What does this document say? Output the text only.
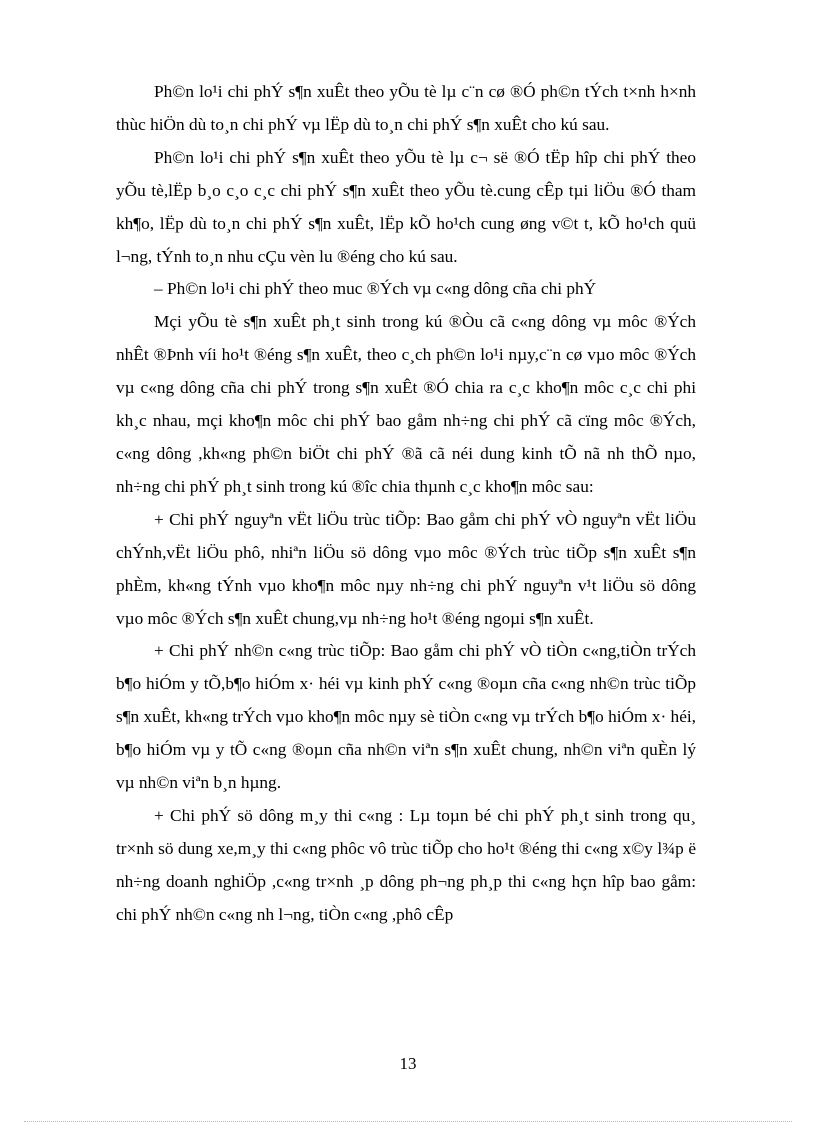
Ph©n lo¹i chi phÝ s¶n xuÊt theo yÕu tè lµ c¨n cø ®Ó ph©n tÝch t×nh h×nh thùc hiÖn dù to¸n chi phÝ vµ lËp dù to¸n chi phÝ s¶n xuÊt cho kú sau.

Ph©n lo¹i chi phÝ s¶n xuÊt theo yÕu tè lµ c¬ së ®Ó tËp hîp chi phÝ theo yÕu tè,lËp b¸o c¸o c¸c chi phÝ s¶n xuÊt theo yÕu tè.cung cÊp tµi liÖu ®Ó tham kh¶o, lËp dù to¸n chi phÝ s¶n xuÊt, lËp kÕ ho¹ch cung øng v©t t, kÕ ho¹ch quü l¬ng, tÝnh to¸n nhu cÇu vèn lu ®éng cho kú sau.

– Ph©n lo¹i chi phÝ theo muc ®Ých vµ c«ng dông cña chi phÝ

Mçi yÕu tè s¶n xuÊt ph¸t sinh trong kú ®Òu cã c«ng dông vµ môc ®Ých nhÊt ®Þnh víi ho¹t ®éng s¶n xuÊt, theo c¸ch ph©n lo¹i nµy,c¨n cø vµo môc ®Ých vµ c«ng dông cña chi phÝ trong s¶n xuÊt ®Ó chia ra c¸c kho¶n môc c¸c chi phi kh¸c nhau, mçi kho¶n môc chi phÝ bao gåm nh÷ng chi phÝ cã cïng môc ®Ých, c«ng dông ,kh«ng ph©n biÖt chi phÝ ®ã cã néi dung kinh tÕ nã nh thÕ nµo, nh÷ng chi phÝ ph¸t sinh trong kú ®îc chia thµnh c¸c kho¶n môc sau:

+ Chi phÝ nguyªn vËt liÖu trùc tiÕp: Bao gåm chi phÝ vÒ nguyªn vËt liÖu chÝnh,vËt liÖu phô, nhiªn liÖu sö dông vµo môc ®Ých trùc tiÕp s¶n xuÊt s¶n phÈm, kh«ng tÝnh vµo kho¶n môc nµy nh÷ng chi phÝ nguyªn v¹t liÖu sö dông vµo môc ®Ých s¶n xuÊt chung,vµ nh÷ng ho¹t ®éng ngoµi s¶n xuÊt.

+ Chi phÝ nh©n c«ng trùc tiÕp: Bao gåm chi phÝ vÒ tiÒn c«ng,tiÒn trÝch b¶o hiÓm y tÕ,b¶o hiÓm x· héi vµ kinh phÝ c«ng ®oµn cña c«ng nh©n trùc tiÕp s¶n xuÊt, kh«ng trÝch vµo kho¶n môc nµy sè tiÒn c«ng vµ trÝch b¶o hiÓm x· héi, b¶o hiÓm vµ y tÕ c«ng ®oµn cña nh©n viªn s¶n xuÊt chung, nh©n viªn quÈn lý vµ nh©n viªn b¸n hµng.

+ Chi phÝ sö dông m¸y thi c«ng : Lµ toµn bé chi phÝ ph¸t sinh trong qu¸ tr×nh sö dung xe,m¸y thi c«ng phôc vô trùc tiÕp cho ho¹t ®éng thi c«ng x©y l¾p ë nh÷ng doanh nghiÖp ,c«ng tr×nh ¸p dông ph¬ng ph¸p thi c«ng hçn hîp bao gåm: chi phÝ nh©n c«ng nh l¬ng, tiÒn c«ng ,phô cÊp

13
